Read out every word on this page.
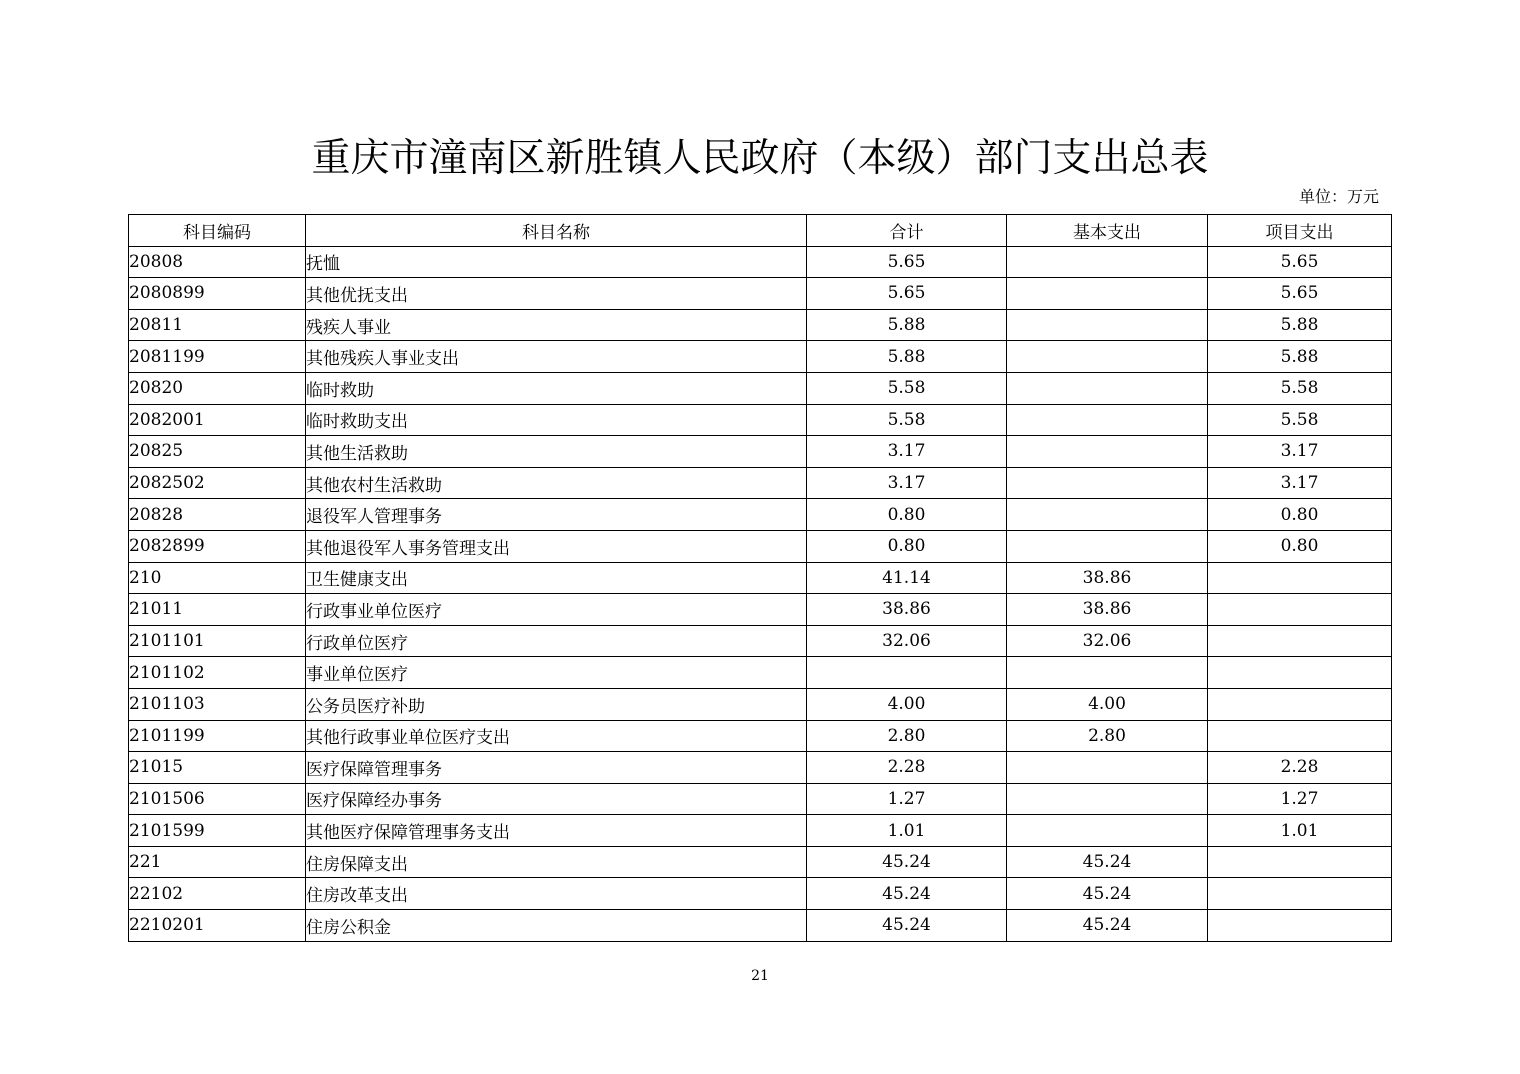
重庆市潼南区新胜镇人民政府（本级）部门支出总表
单位：万元
科目编码	科目名称	合计	基本支出	项目支出
20808	抚恤	5.65		5.65
2080899	其他优抚支出	5.65		5.65
20811	残疾人事业	5.88		5.88
2081199	其他残疾人事业支出	5.88		5.88
20820	临时救助	5.58		5.58
2082001	临时救助支出	5.58		5.58
20825	其他生活救助	3.17		3.17
2082502	其他农村生活救助	3.17		3.17
20828	退役军人管理事务	0.80		0.80
2082899	其他退役军人事务管理支出	0.80		0.80
210	卫生健康支出	41.14	38.86	
21011	行政事业单位医疗	38.86	38.86	
2101101	行政单位医疗	32.06	32.06	
2101102	事业单位医疗			
2101103	公务员医疗补助	4.00	4.00	
2101199	其他行政事业单位医疗支出	2.80	2.80	
21015	医疗保障管理事务	2.28		2.28
2101506	医疗保障经办事务	1.27		1.27
2101599	其他医疗保障管理事务支出	1.01		1.01
221	住房保障支出	45.24	45.24	
22102	住房改革支出	45.24	45.24	
2210201	住房公积金	45.24	45.24	
21
